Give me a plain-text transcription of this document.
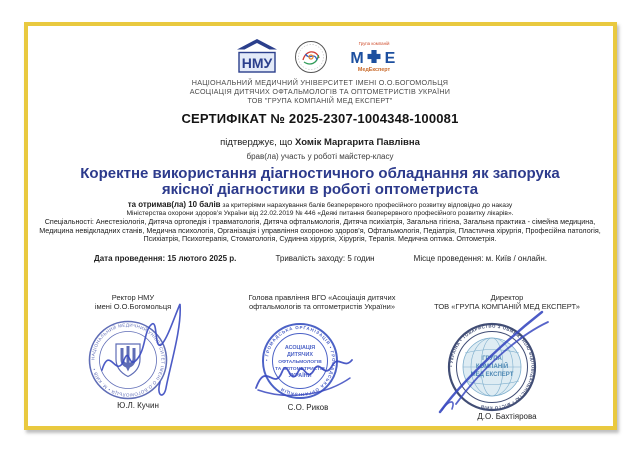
НМУ
Група компаній
М Е
МедЕксперт
НАЦІОНАЛЬНИЙ МЕДИЧНИЙ УНІВЕРСИТЕТ ІМЕНІ О.О.БОГОМОЛЬЦЯ
АСОЦІАЦІЯ ДИТЯЧИХ ОФТАЛЬМОЛОГІВ ТА ОПТОМЕТРИСТІВ УКРАЇНИ
ТОВ "ГРУПА КОМПАНІЙ МЕД ЕКСПЕРТ"
СЕРТИФІКАТ № 2025-2307-1004348-100081
підтверджує, що Хомік Маргарита Павлівна
брав(ла) участь у роботі майстер-класу
Коректне використання діагностичного обладнання як запорука
якісної діагностики в роботі оптометриста
та отримав(ла) 10 балів за критеріями нарахування балів безперервного професійного розвитку відповідно до наказу
Міністерства охорони здоров’я України від 22.02.2019 № 446 «Деякі питання безперервного професійного розвитку лікарів».
Спеціальності: Анестезіологія, Дитяча ортопедія і травматологія, Дитяча офтальмологія, Дитяча психіатрія, Загальна гігієна, Загальна практика - сімейна медицина, Медицина невідкладних станів, Медична психологія, Організація і управління охороною здоров’я, Офтальмологія, Педіатрія, Пластична хірургія, Професійна патологія, Психіатрія, Психотерапія, Стоматологія, Судинна хірургія, Хірургія, Терапія. Медична оптика. Оптометрія.
Дата проведення: 15 лютого 2025 р.	Тривалість заходу: 5 годин	Місце проведення: м. Київ / онлайн.
Ректор НМУ
імені О.О.Богомольця
Голова правління ВГО «Асоціація дитячих
офтальмологів та оптометристів України»
Директор
ТОВ «ГРУПА КОМПАНІЙ МЕД ЕКСПЕРТ»
НАЦІОНАЛЬНИЙ МЕДИЧНИЙ УНІВЕРСИТЕТ ІМЕНІ О.О.БОГОМОЛЬЦЯ • М. КИЇВ •
• ГРОМАДСЬКА ОРГАНІЗАЦІЯ • ГРОМАДСЬКА ОРГАНІЗАЦІЯ
АСОЦІАЦІЯ
ДИТЯЧИХ
ОФТАЛЬМОЛОГІВ
ТА ОПТОМЕТРИСТІВ
УКРАЇНИ
• УКРАЇНА • ТОВАРИСТВО З ОБМЕЖЕНОЮ ВІДПОВІДАЛЬНІСТЮ • МІСТО КИЇВ
ГРУПА
КОМПАНІЙ
МЕД ЕКСПЕРТ
Ю.Л. Кучин	С.О. Риков
Д.О. Бахтіярова
